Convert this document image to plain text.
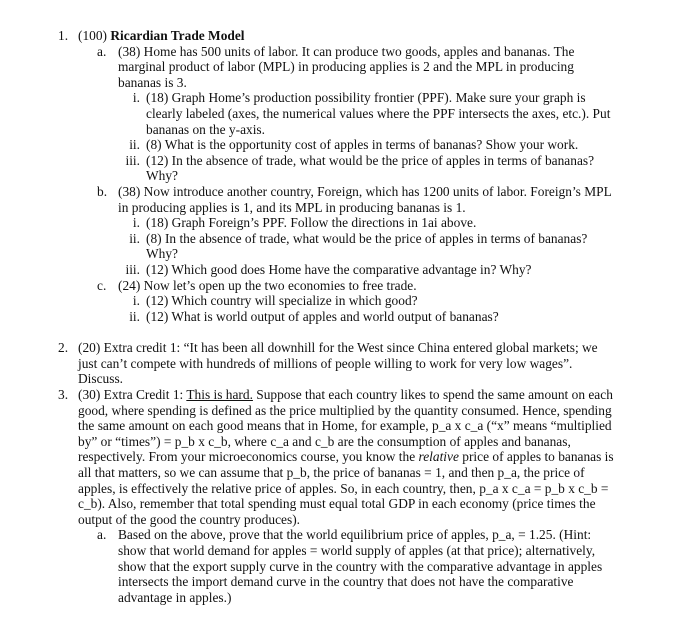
1. (100) Ricardian Trade Model
a. (38) Home has 500 units of labor. It can produce two goods, apples and bananas. The marginal product of labor (MPL) in producing applies is 2 and the MPL in producing bananas is 3.
i. (18) Graph Home’s production possibility frontier (PPF). Make sure your graph is clearly labeled (axes, the numerical values where the PPF intersects the axes, etc.). Put bananas on the y-axis.
ii. (8) What is the opportunity cost of apples in terms of bananas? Show your work.
iii. (12) In the absence of trade, what would be the price of apples in terms of bananas? Why?
b. (38) Now introduce another country, Foreign, which has 1200 units of labor. Foreign’s MPL in producing applies is 1, and its MPL in producing bananas is 1.
i. (18) Graph Foreign’s PPF. Follow the directions in 1ai above.
ii. (8) In the absence of trade, what would be the price of apples in terms of bananas? Why?
iii. (12) Which good does Home have the comparative advantage in? Why?
c. (24) Now let’s open up the two economies to free trade.
i. (12) Which country will specialize in which good?
ii. (12) What is world output of apples and world output of bananas?
2. (20) Extra credit 1: “It has been all downhill for the West since China entered global markets; we just can’t compete with hundreds of millions of people willing to work for very low wages”. Discuss.
3. (30) Extra Credit 1: This is hard. Suppose that each country likes to spend the same amount on each good, where spending is defined as the price multiplied by the quantity consumed. Hence, spending the same amount on each good means that in Home, for example, p_a x c_a (“x” means “multiplied by” or “times”) = p_b x c_b, where c_a and c_b are the consumption of apples and bananas, respectively. From your microeconomics course, you know the relative price of apples to bananas is all that matters, so we can assume that p_b, the price of bananas = 1, and then p_a, the price of apples, is effectively the relative price of apples. So, in each country, then, p_a x c_a = p_b x c_b = c_b). Also, remember that total spending must equal total GDP in each economy (price times the output of the good the country produces).
a. Based on the above, prove that the world equilibrium price of apples, p_a, = 1.25. (Hint: show that world demand for apples = world supply of apples (at that price); alternatively, show that the export supply curve in the country with the comparative advantage in apples intersects the import demand curve in the country that does not have the comparative advantage in apples.)
